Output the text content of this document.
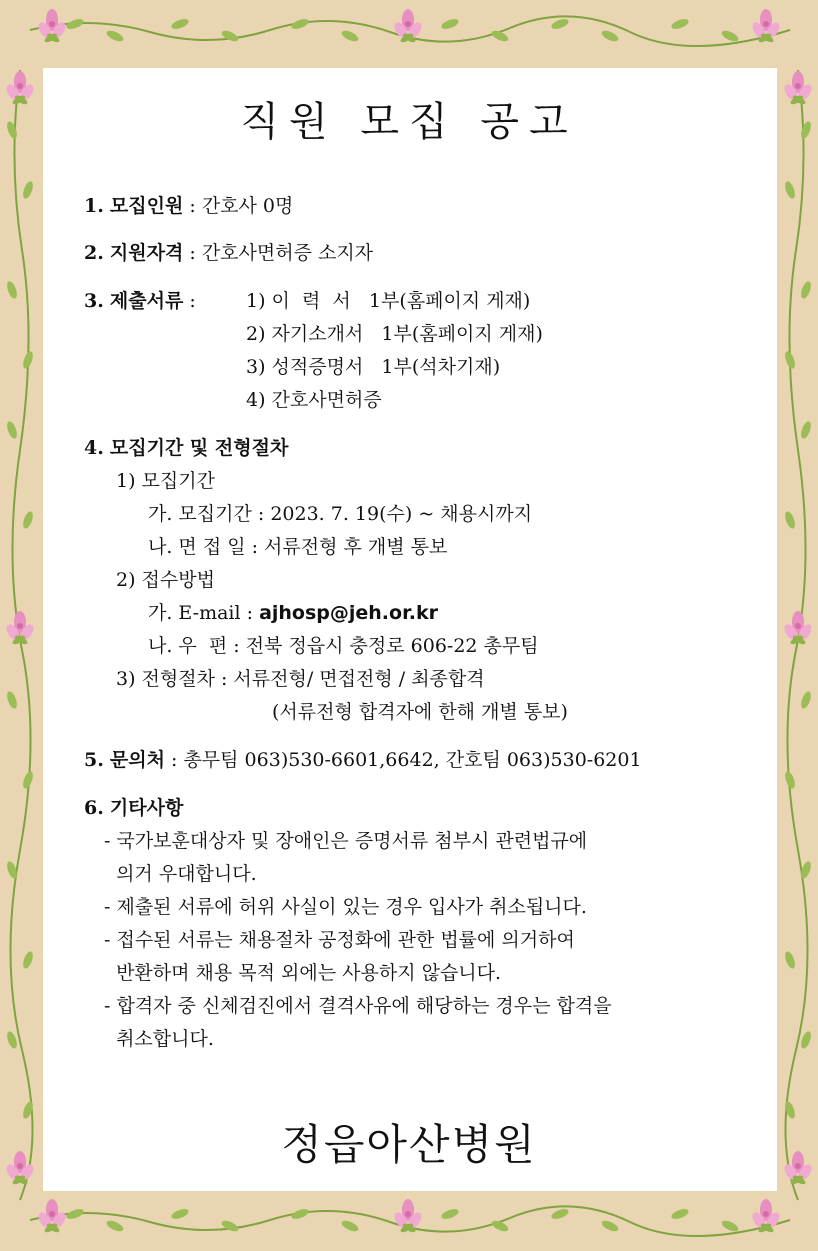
직원 모집 공고
1. 모집인원 : 간호사 0명
2. 지원자격 : 간호사면허증 소지자
3. 제출서류 :	1) 이  력  서   1부(홈페이지 게재)
2) 자기소개서   1부(홈페이지 게재)
3) 성적증명서   1부(석차기재)
4) 간호사면허증
4. 모집기간 및 전형절차
1) 모집기간
가. 모집기간 : 2023. 7. 19(수) ~ 채용시까지
나. 면 접 일 : 서류전형 후 개별 통보
2) 접수방법
가. E-mail : ajhosp@jeh.or.kr
나. 우  편 : 전북 정읍시 충정로 606-22 총무팀
3) 전형절차 : 서류전형/ 면접전형 / 최종합격
(서류전형 합격자에 한해 개별 통보)
5. 문의처 : 총무팀 063)530-6601,6642, 간호팀 063)530-6201
6. 기타사항
- 국가보훈대상자 및 장애인은 증명서류 첨부시 관련법규에
의거 우대합니다.
- 제출된 서류에 허위 사실이 있는 경우 입사가 취소됩니다.
- 접수된 서류는 채용절차 공정화에 관한 법률에 의거하여
반환하며 채용 목적 외에는 사용하지 않습니다.
- 합격자 중 신체검진에서 결격사유에 해당하는 경우는 합격을
취소합니다.
정읍아산병원
